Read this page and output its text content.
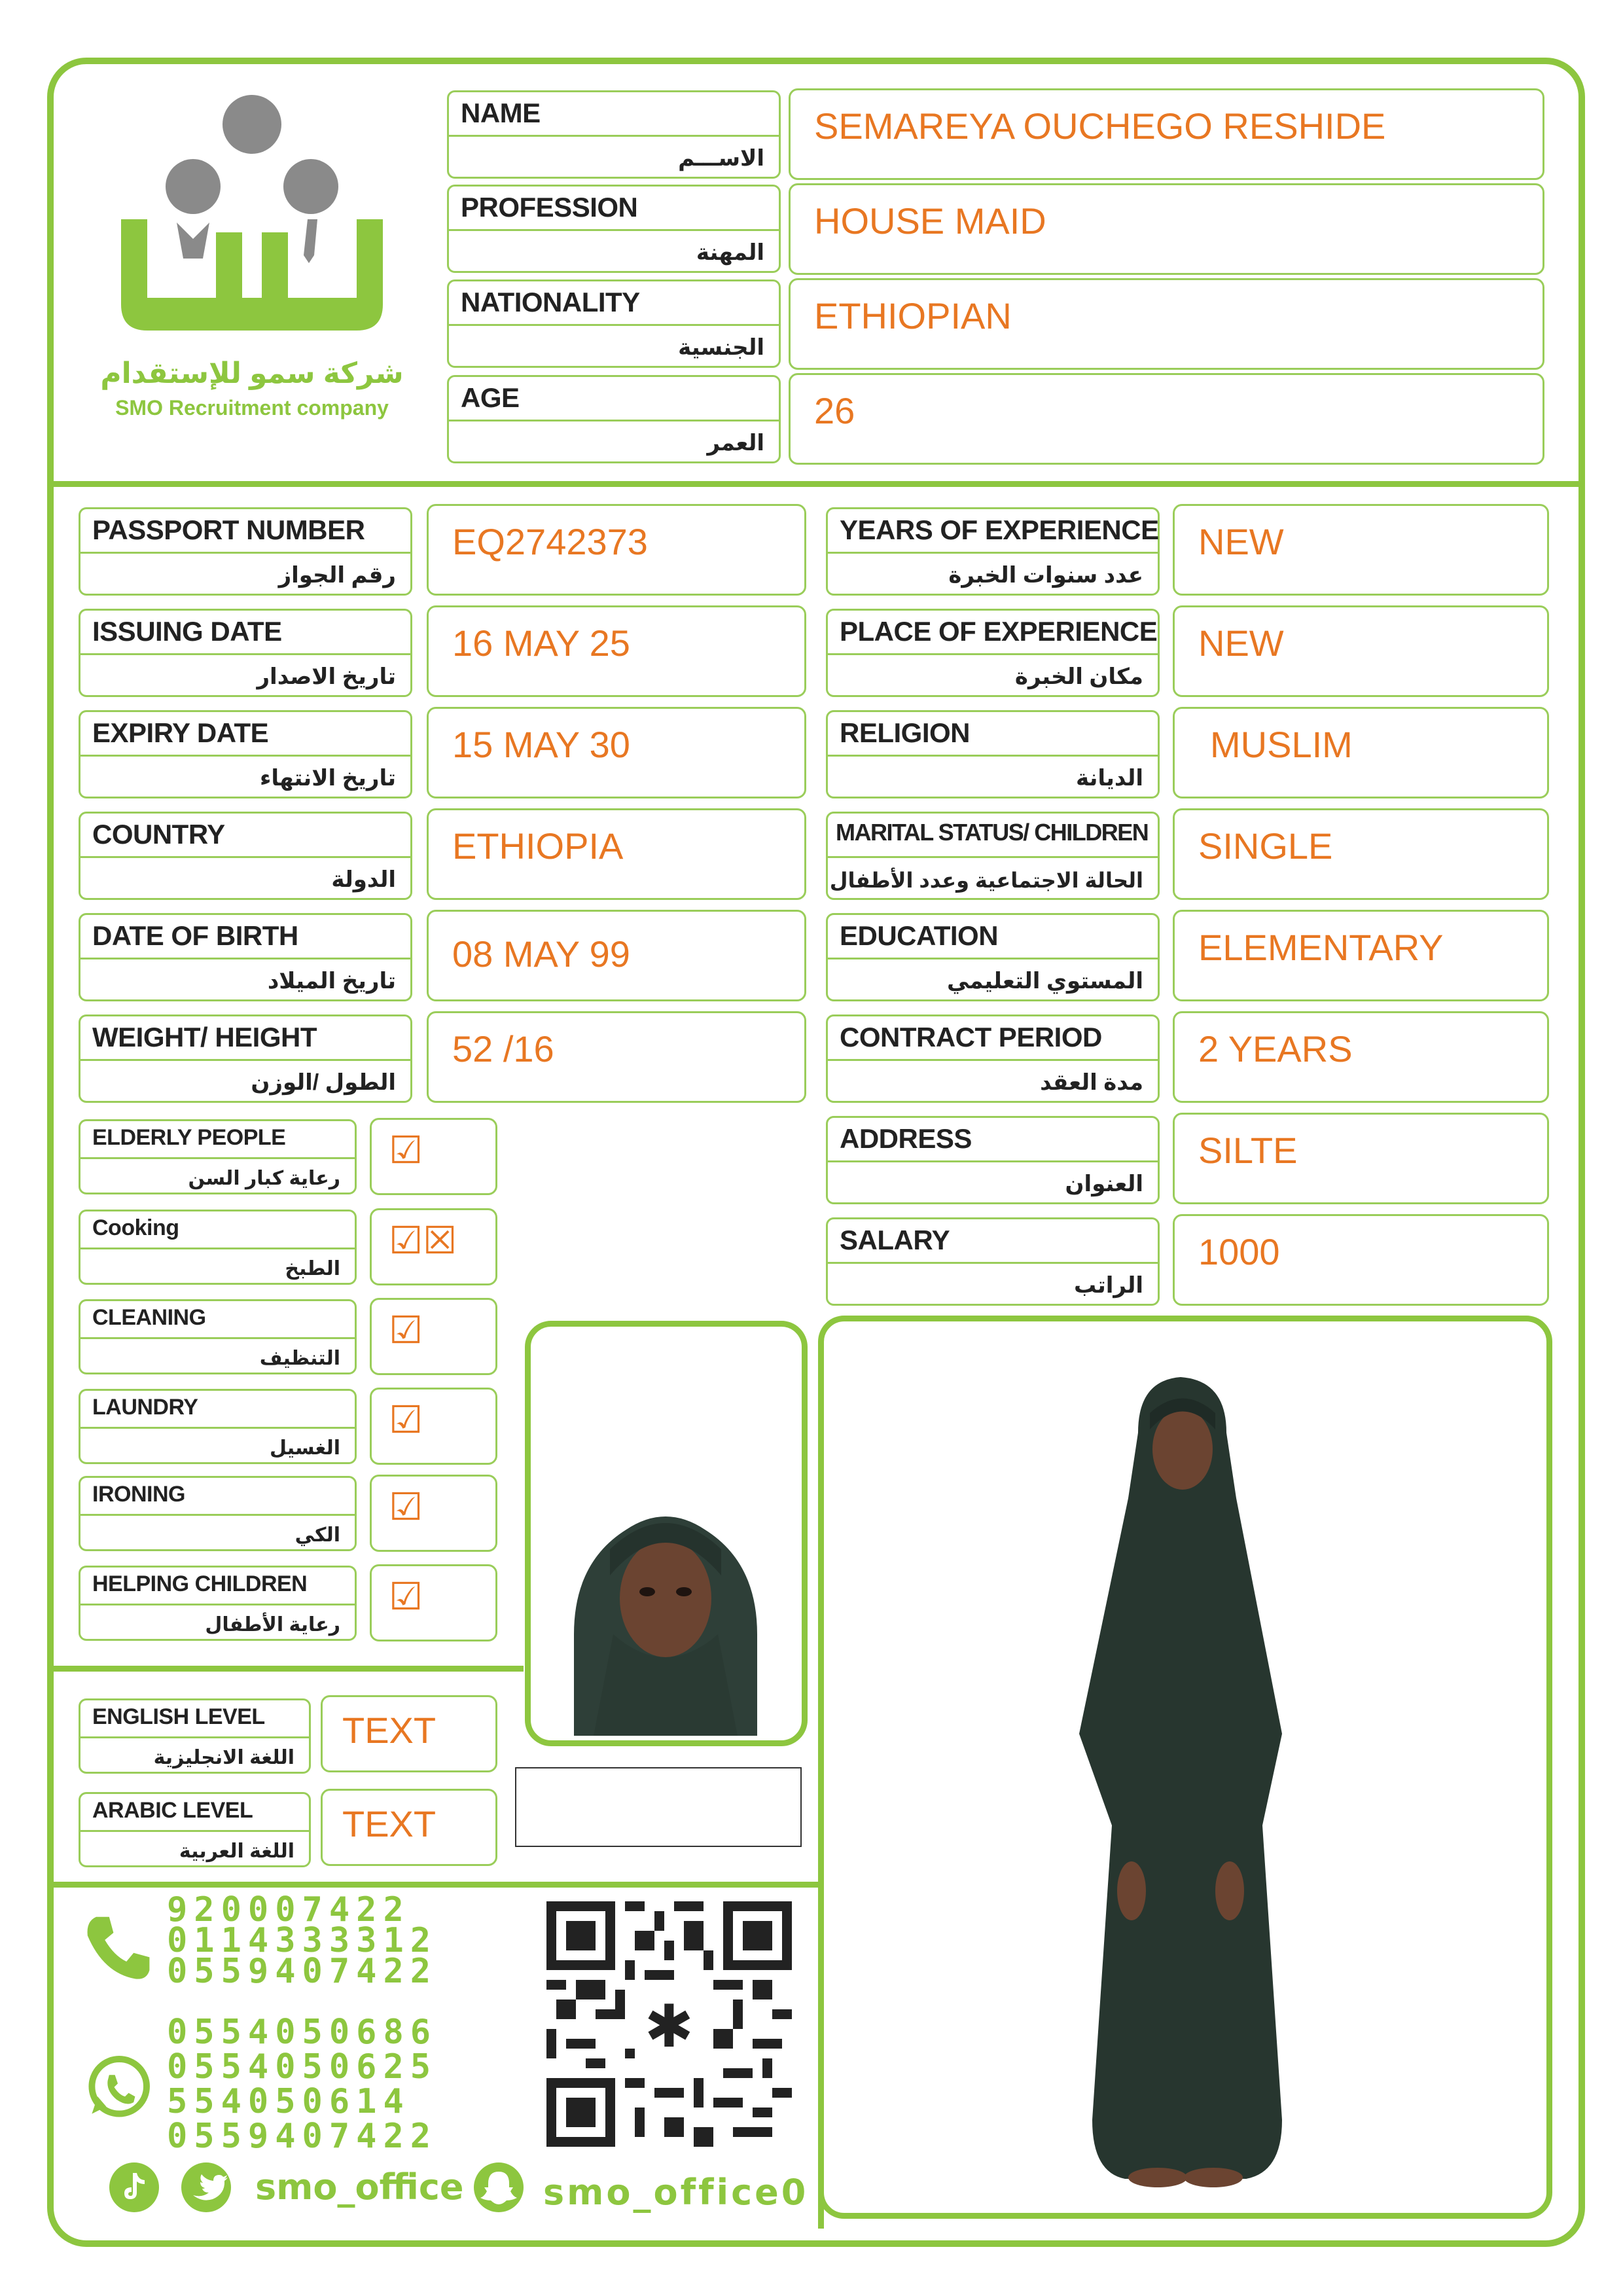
شركة سمو للإستقدام
SMO Recruitment company
NAME
الاســـم
SEMAREYA OUCHEGO RESHIDE
PROFESSION
المهنة
HOUSE MAID
NATIONALITY
الجنسية
ETHIOPIAN
AGE
العمر
26
PASSPORT NUMBER
رقم الجواز
EQ2742373
ISSUING DATE
تاريخ الاصدار
16 MAY 25
EXPIRY DATE
تاريخ الانتهاء
15 MAY 30
COUNTRY
الدولة
ETHIOPIA
DATE OF BIRTH
تاريخ الميلاد
08 MAY 99
WEIGHT/ HEIGHT
الطول /الوزن
52 /16
YEARS OF EXPERIENCE
عدد سنوات الخبرة
NEW
PLACE OF EXPERIENCE
مكان الخبرة
NEW
RELIGION
الديانة
MUSLIM
MARITAL STATUS/ CHILDREN
الحالة الاجتماعية وعدد الأطفال
SINGLE
EDUCATION
المستوي التعليمي
ELEMENTARY
CONTRACT PERIOD
مدة العقد
2 YEARS
ADDRESS
العنوان
SILTE
SALARY
الراتب
1000
ELDERLY PEOPLE
رعاية كبار السن
☑
Cooking
الطبخ
☑☒
CLEANING
التنظيف
☑
LAUNDRY
الغسيل
☑
IRONING
الكي
☑
HELPING CHILDREN
رعاية الأطفال
☑
ENGLISH LEVEL
اللغة الانجليزية
TEXT
ARABIC LEVEL
اللغة العربية
TEXT
920007422
0114333312
0559407422
0554050686
0554050625
554050614
0559407422
smo_office smo_office0
✱
